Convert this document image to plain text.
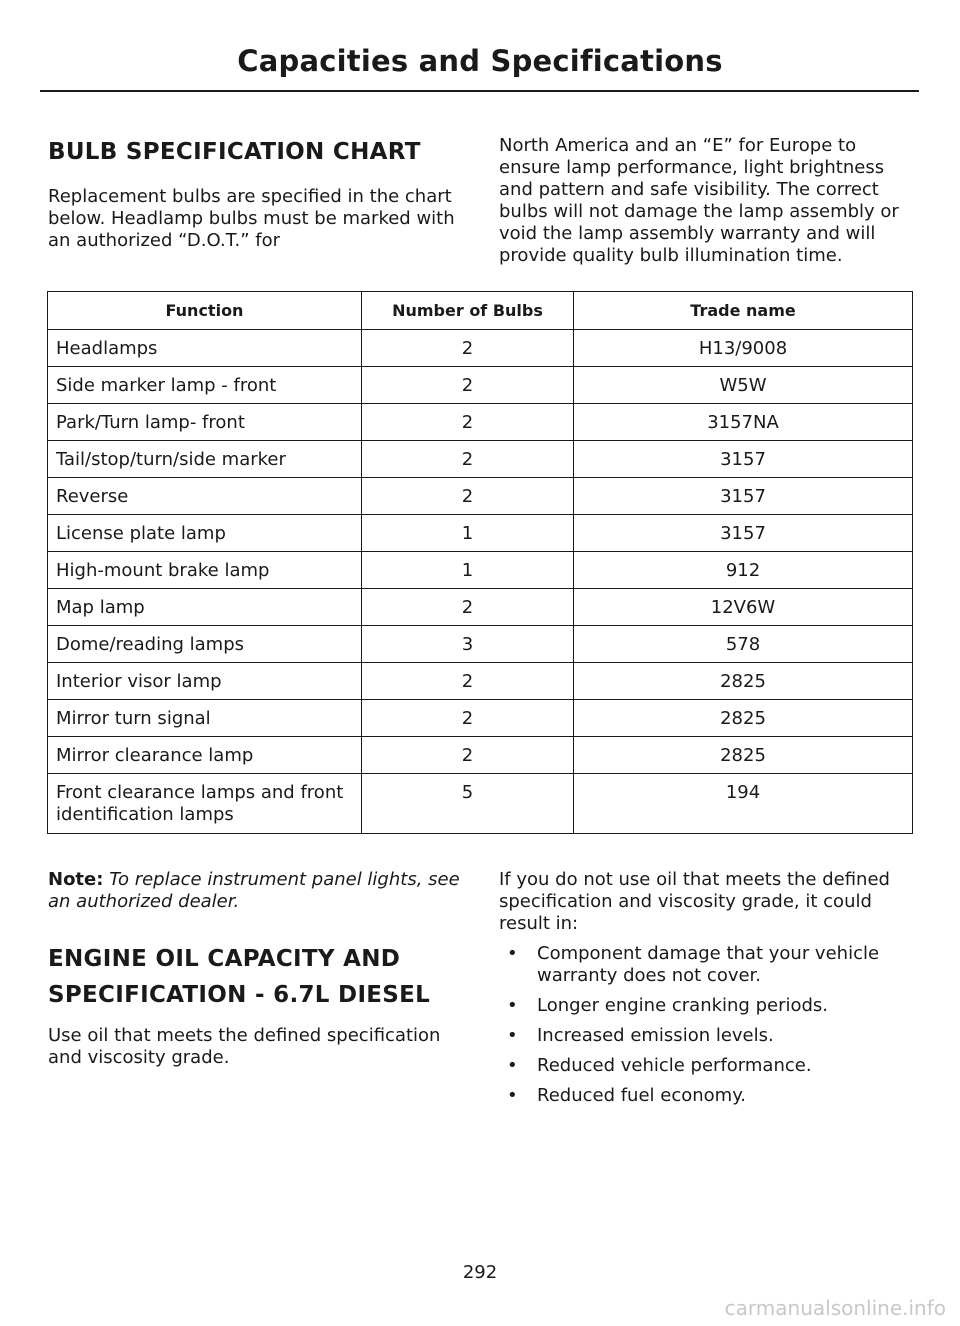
Capacities and Specifications
BULB SPECIFICATION CHART
Replacement bulbs are specified in the chart below. Headlamp bulbs must be marked with an authorized “D.O.T.” for
North America and an “E” for Europe to ensure lamp performance, light brightness and pattern and safe visibility. The correct bulbs will not damage the lamp assembly or void the lamp assembly warranty and will provide quality bulb illumination time.
Function	Number of Bulbs	Trade name
Headlamps	2	H13/9008
Side marker lamp - front	2	W5W
Park/Turn lamp- front	2	3157NA
Tail/stop/turn/side marker	2	3157
Reverse	2	3157
License plate lamp	1	3157
High-mount brake lamp	1	912
Map lamp	2	12V6W
Dome/reading lamps	3	578
Interior visor lamp	2	2825
Mirror turn signal	2	2825
Mirror clearance lamp	2	2825
Front clearance lamps and front identification lamps	5	194
Note: To replace instrument panel lights, see an authorized dealer.
ENGINE OIL CAPACITY AND SPECIFICATION - 6.7L DIESEL
Use oil that meets the defined specification and viscosity grade.
If you do not use oil that meets the defined specification and viscosity grade, it could result in:
• Component damage that your vehicle warranty does not cover.
• Longer engine cranking periods.
• Increased emission levels.
• Reduced vehicle performance.
• Reduced fuel economy.
292
carmanualsonline.info
